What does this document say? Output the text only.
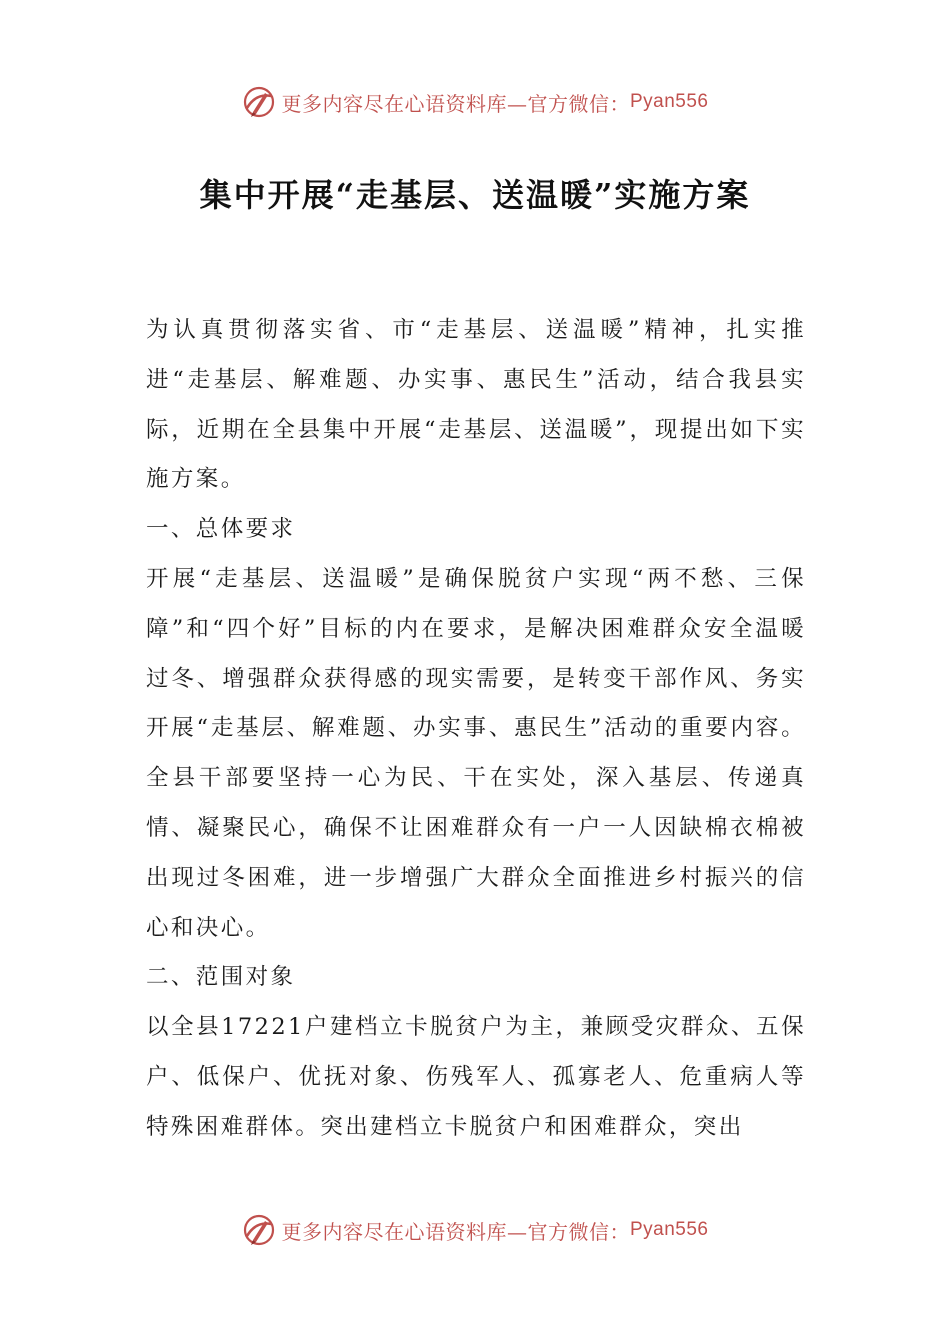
更多内容尽在心语资料库—官方微信： Pyan556
集中开展“走基层、送温暖”实施方案

为认真贯彻落实省、市“走基层、送温暖”精神，扎实推进“走基层、解难题、办实事、惠民生”活动，结合我县实际，近期在全县集中开展“走基层、送温暖”，现提出如下实施方案。

一、总体要求

开展“走基层、送温暖”是确保脱贫户实现“两不愁、三保障”和“四个好”目标的内在要求，是解决困难群众安全温暖过冬、增强群众获得感的现实需要，是转变干部作风、务实开展“走基层、解难题、办实事、惠民生”活动的重要内容。全县干部要坚持一心为民、干在实处，深入基层、传递真情、凝聚民心，确保不让困难群众有一户一人因缺棉衣棉被出现过冬困难，进一步增强广大群众全面推进乡村振兴的信心和决心。

二、范围对象

以全县17221户建档立卡脱贫户为主，兼顾受灾群众、五保户、低保户、优抚对象、伤残军人、孤寡老人、危重病人等特殊困难群体。突出建档立卡脱贫户和困难群众，突出

更多内容尽在心语资料库—官方微信： Pyan556
